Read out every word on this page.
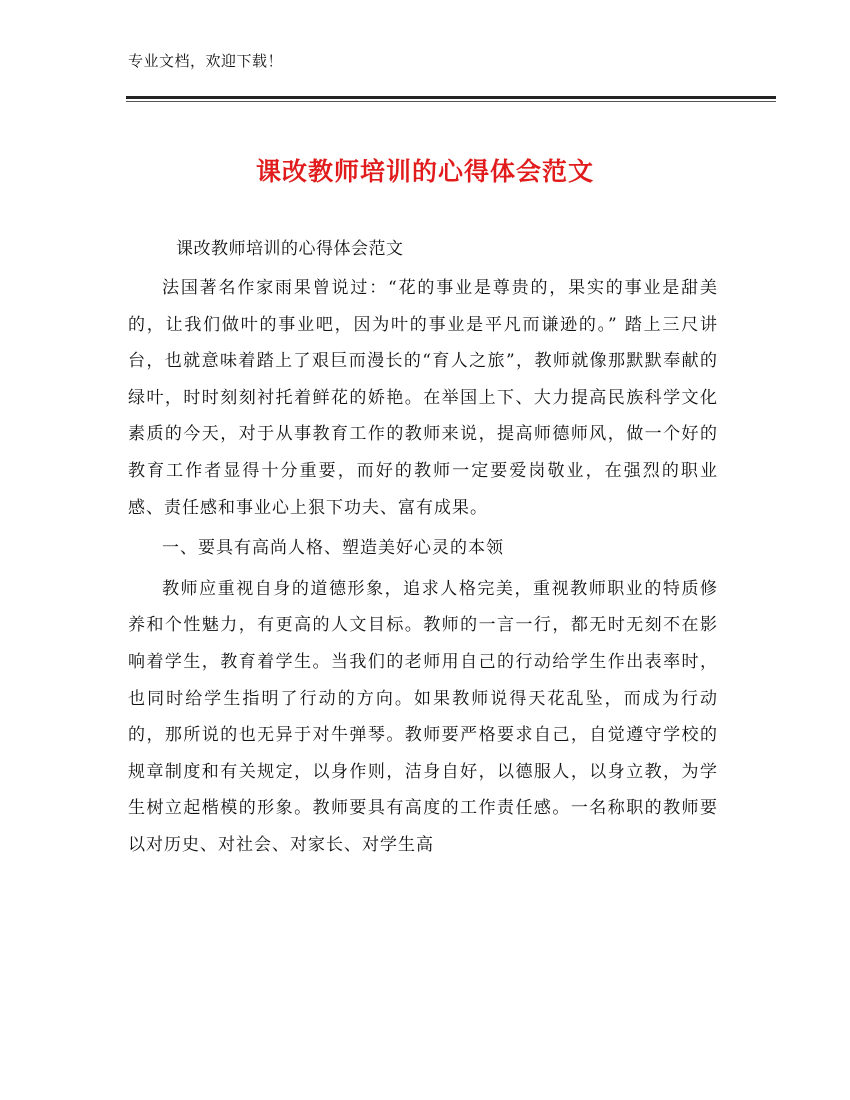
专业文档，欢迎下载！
课改教师培训的心得体会范文
课改教师培训的心得体会范文

法国著名作家雨果曾说过：“花的事业是尊贵的，果实的事业是甜美的，让我们做叶的事业吧，因为叶的事业是平凡而谦逊的。” 踏上三尺讲台，也就意味着踏上了艰巨而漫长的“育人之旅”，教师就像那默默奉献的绿叶，时时刻刻衬托着鲜花的娇艳。在举国上下、大力提高民族科学文化素质的今天，对于从事教育工作的教师来说，提高师德师风，做一个好的教育工作者显得十分重要，而好的教师一定要爱岗敬业，在强烈的职业感、责任感和事业心上狠下功夫、富有成果。

一、要具有高尚人格、塑造美好心灵的本领

教师应重视自身的道德形象，追求人格完美，重视教师职业的特质修养和个性魅力，有更高的人文目标。教师的一言一行，都无时无刻不在影响着学生，教育着学生。当我们的老师用自己的行动给学生作出表率时，也同时给学生指明了行动的方向。如果教师说得天花乱坠，而成为行动的，那所说的也无异于对牛弹琴。教师要严格要求自己，自觉遵守学校的规章制度和有关规定，以身作则，洁身自好，以德服人，以身立教，为学生树立起楷模的形象。教师要具有高度的工作责任感。一名称职的教师要以对历史、对社会、对家长、对学生高
